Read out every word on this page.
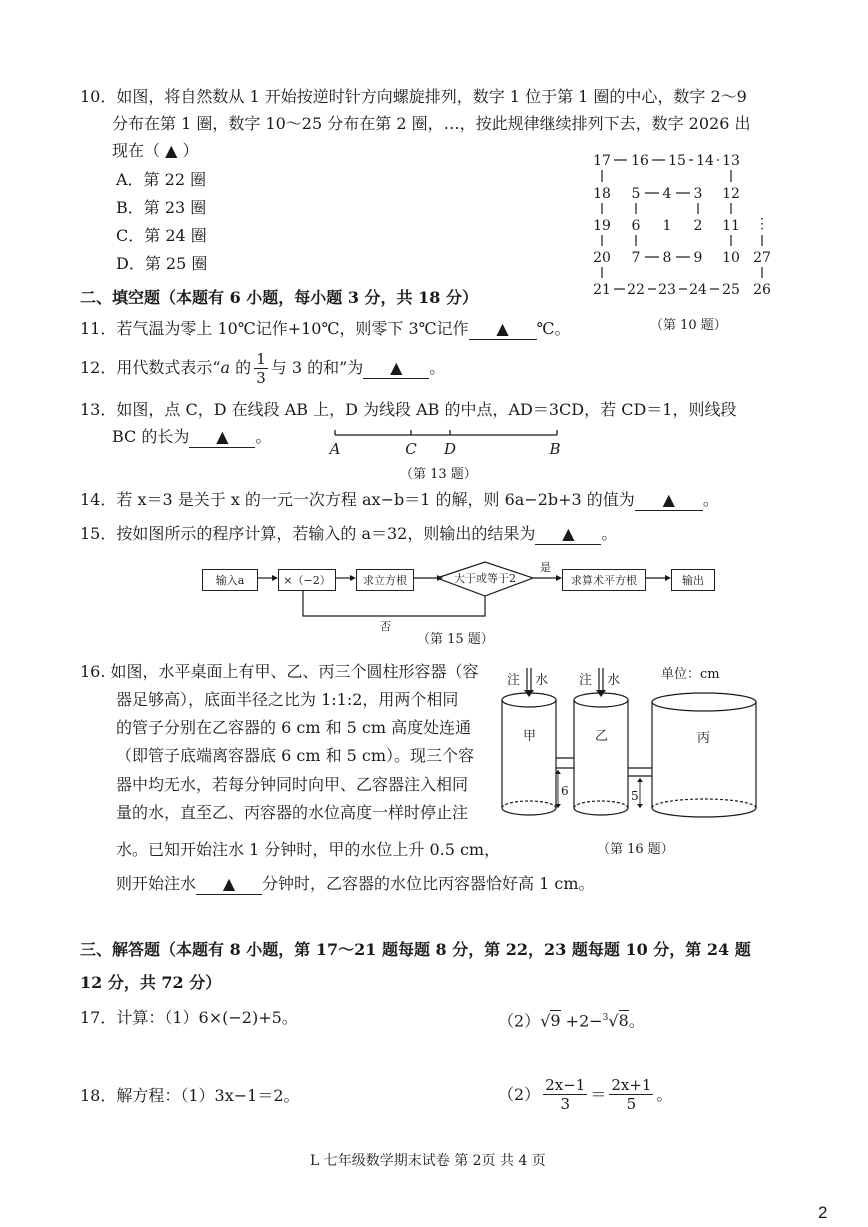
10．如图，将自然数从 1 开始按逆时针方向螺旋排列，数字 1 位于第 1 圈的中心，数字 2～9
分布在第 1 圈，数字 10～25 分布在第 2 圈，…，按此规律继续排列下去，数字 2026 出
现在（ ▲ ）
A．第 22 圈
B．第 23 圈
C．第 24 圈
D．第 25 圈
17 16 15 14 13
18 5 4 3 12
19 6 1 2 11 ⋮
20 7 8 9 10 27
21 22 23 24 25 26
（第 10 题）
二、填空题（本题有 6 小题，每小题 3 分，共 18 分）
11．若气温为零上 10℃记作+10℃，则零下 3℃记作 ▲ ℃。
12．用代数式表示“a 的 $\frac{1}{3}$ 与 3 的和”为 ▲ 。
13．如图，点 C，D 在线段 AB 上，D 为线段 AB 的中点，AD＝3CD，若 CD＝1，则线段
BC 的长为 ▲ 。
A	C D	B
（第 13 题）
14．若 x＝3 是关于 x 的一元一次方程 ax−b＝1 的解，则 6a−2b+3 的值为 ▲ 。
15．按如图所示的程序计算，若输入的 a＝32，则输出的结果为 ▲ 。
大于或等于2
是
否
输入a	×（−2）	求立方根	求算术平方根	输出
（第 15 题）
16. 如图，水平桌面上有甲、乙、丙三个圆柱形容器（容
器足够高），底面半径之比为 1:1:2，用两个相同
的管子分别在乙容器的 6 cm 和 5 cm 高度处连通
（即管子底端离容器底 6 cm 和 5 cm）。现三个容
器中均无水，若每分钟同时向甲、乙容器注入相同
量的水，直至乙、丙容器的水位高度一样时停止注
水。已知开始注水 1 分钟时，甲的水位上升 0.5 cm，
则开始注水 ▲ 分钟时，乙容器的水位比丙容器恰好高 1 cm。
注 水 注 水	单位：cm
甲	乙	丙
6	5
（第 16 题）
三、解答题（本题有 8 小题，第 17～21 题每题 8 分，第 22，23 题每题 10 分，第 24 题
12 分，共 72 分）
17．计算：（1）6×(−2)+5。	（2）√9 +2−$^3$√8。
18．解方程：（1）3x−1＝2。	$(2) \frac{2x-1}{3} = \frac{2x+1}{5}$ 。
L 七年级数学期末试卷 第 2页 共 4 页
2
